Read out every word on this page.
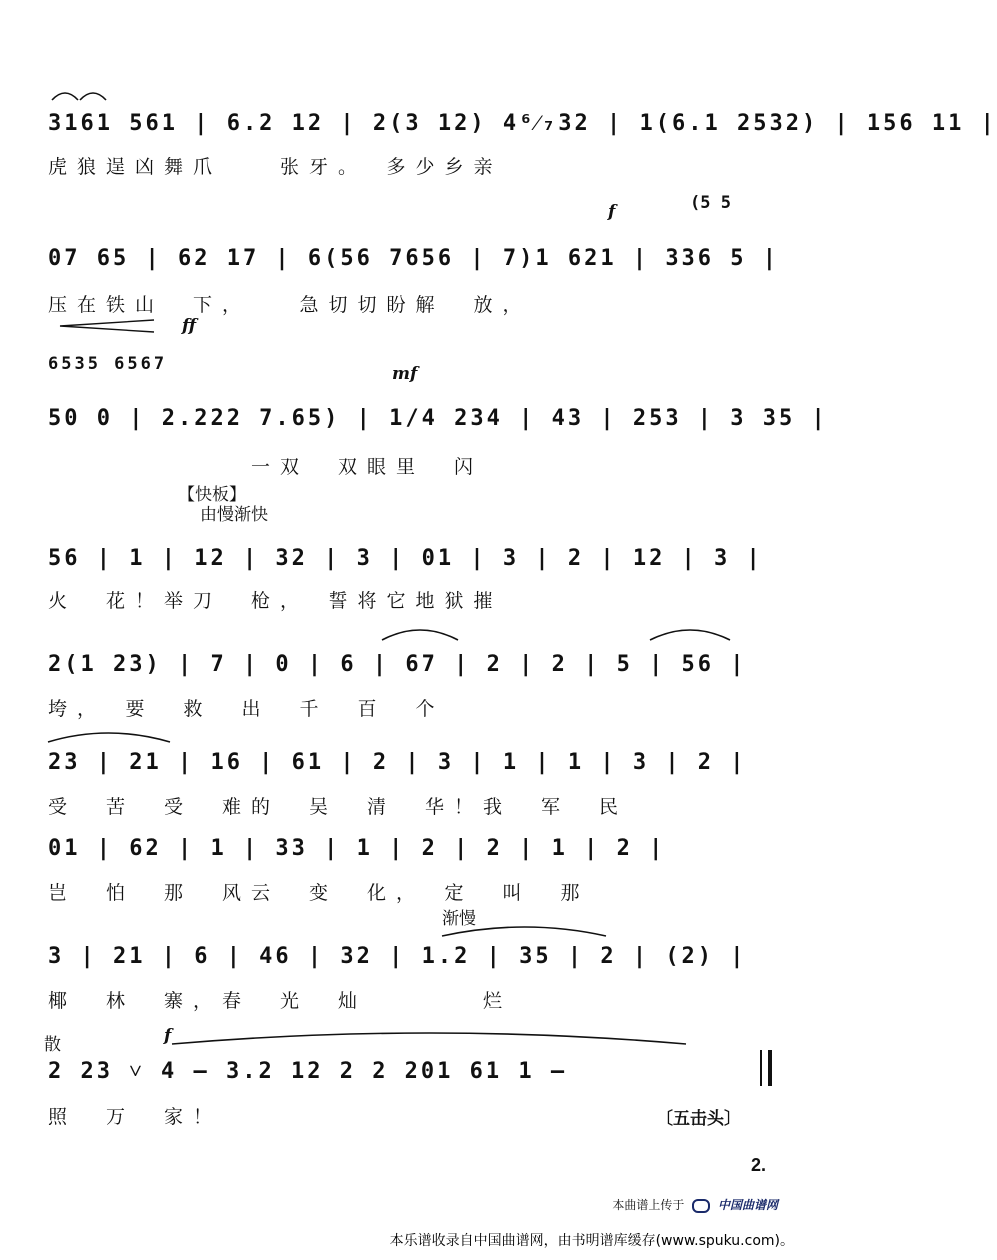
3161 561 | 6.2 12 | 2(3 12) 4⁶⁄₇32 | 1(6.1 2532) | 156 11 |
虎狼逞凶舞爪　　张牙。　多少乡亲
f	(5 5
07 65 | 62 17 | 6(56 7656 | 7)1 621 | 336 5 |
压在铁山　下，　　急切切盼解　放，
ff
6535 6567	mf
50 0 | 2.222 7.65) | 1/4 234 | 43 | 253 | 3 35 |
　　　　　　　一双　双眼里　闪
【快板】
由慢渐快
56 | 1 | 12 | 32 | 3 | 01 | 3 | 2 | 12 | 3 |
火　花！举刀　枪，　誓将它地狱摧
2(1 23) | 7 | 0 | 6 | 67 | 2 | 2 | 5 | 56 |
垮，　要　救　出　千　百　个
23 | 21 | 16 | 61 | 2 | 3 | 1 | 1 | 3 | 2 |
受　苦　受　难的　吴　清　华！我　军　民
01 | 62 | 1 | 33 | 1 | 2 | 2 | 1 | 2 |
岂　怕　那　风云　变　化，　定　叫　那
渐慢
3 | 21 | 6 | 46 | 32 | 1.2 | 35 | 2 | (2) |
椰　林　寨，春　光　灿　　　　烂
散	f
2 23 ˅ 4 — 3.2 12 2 2 201 61 1 —
照　万　家！	〔五击头〕
2.
本曲谱上传于	中国曲谱网
本乐谱收录自中国曲谱网，由书明谱库缓存(www.spuku.com)。
